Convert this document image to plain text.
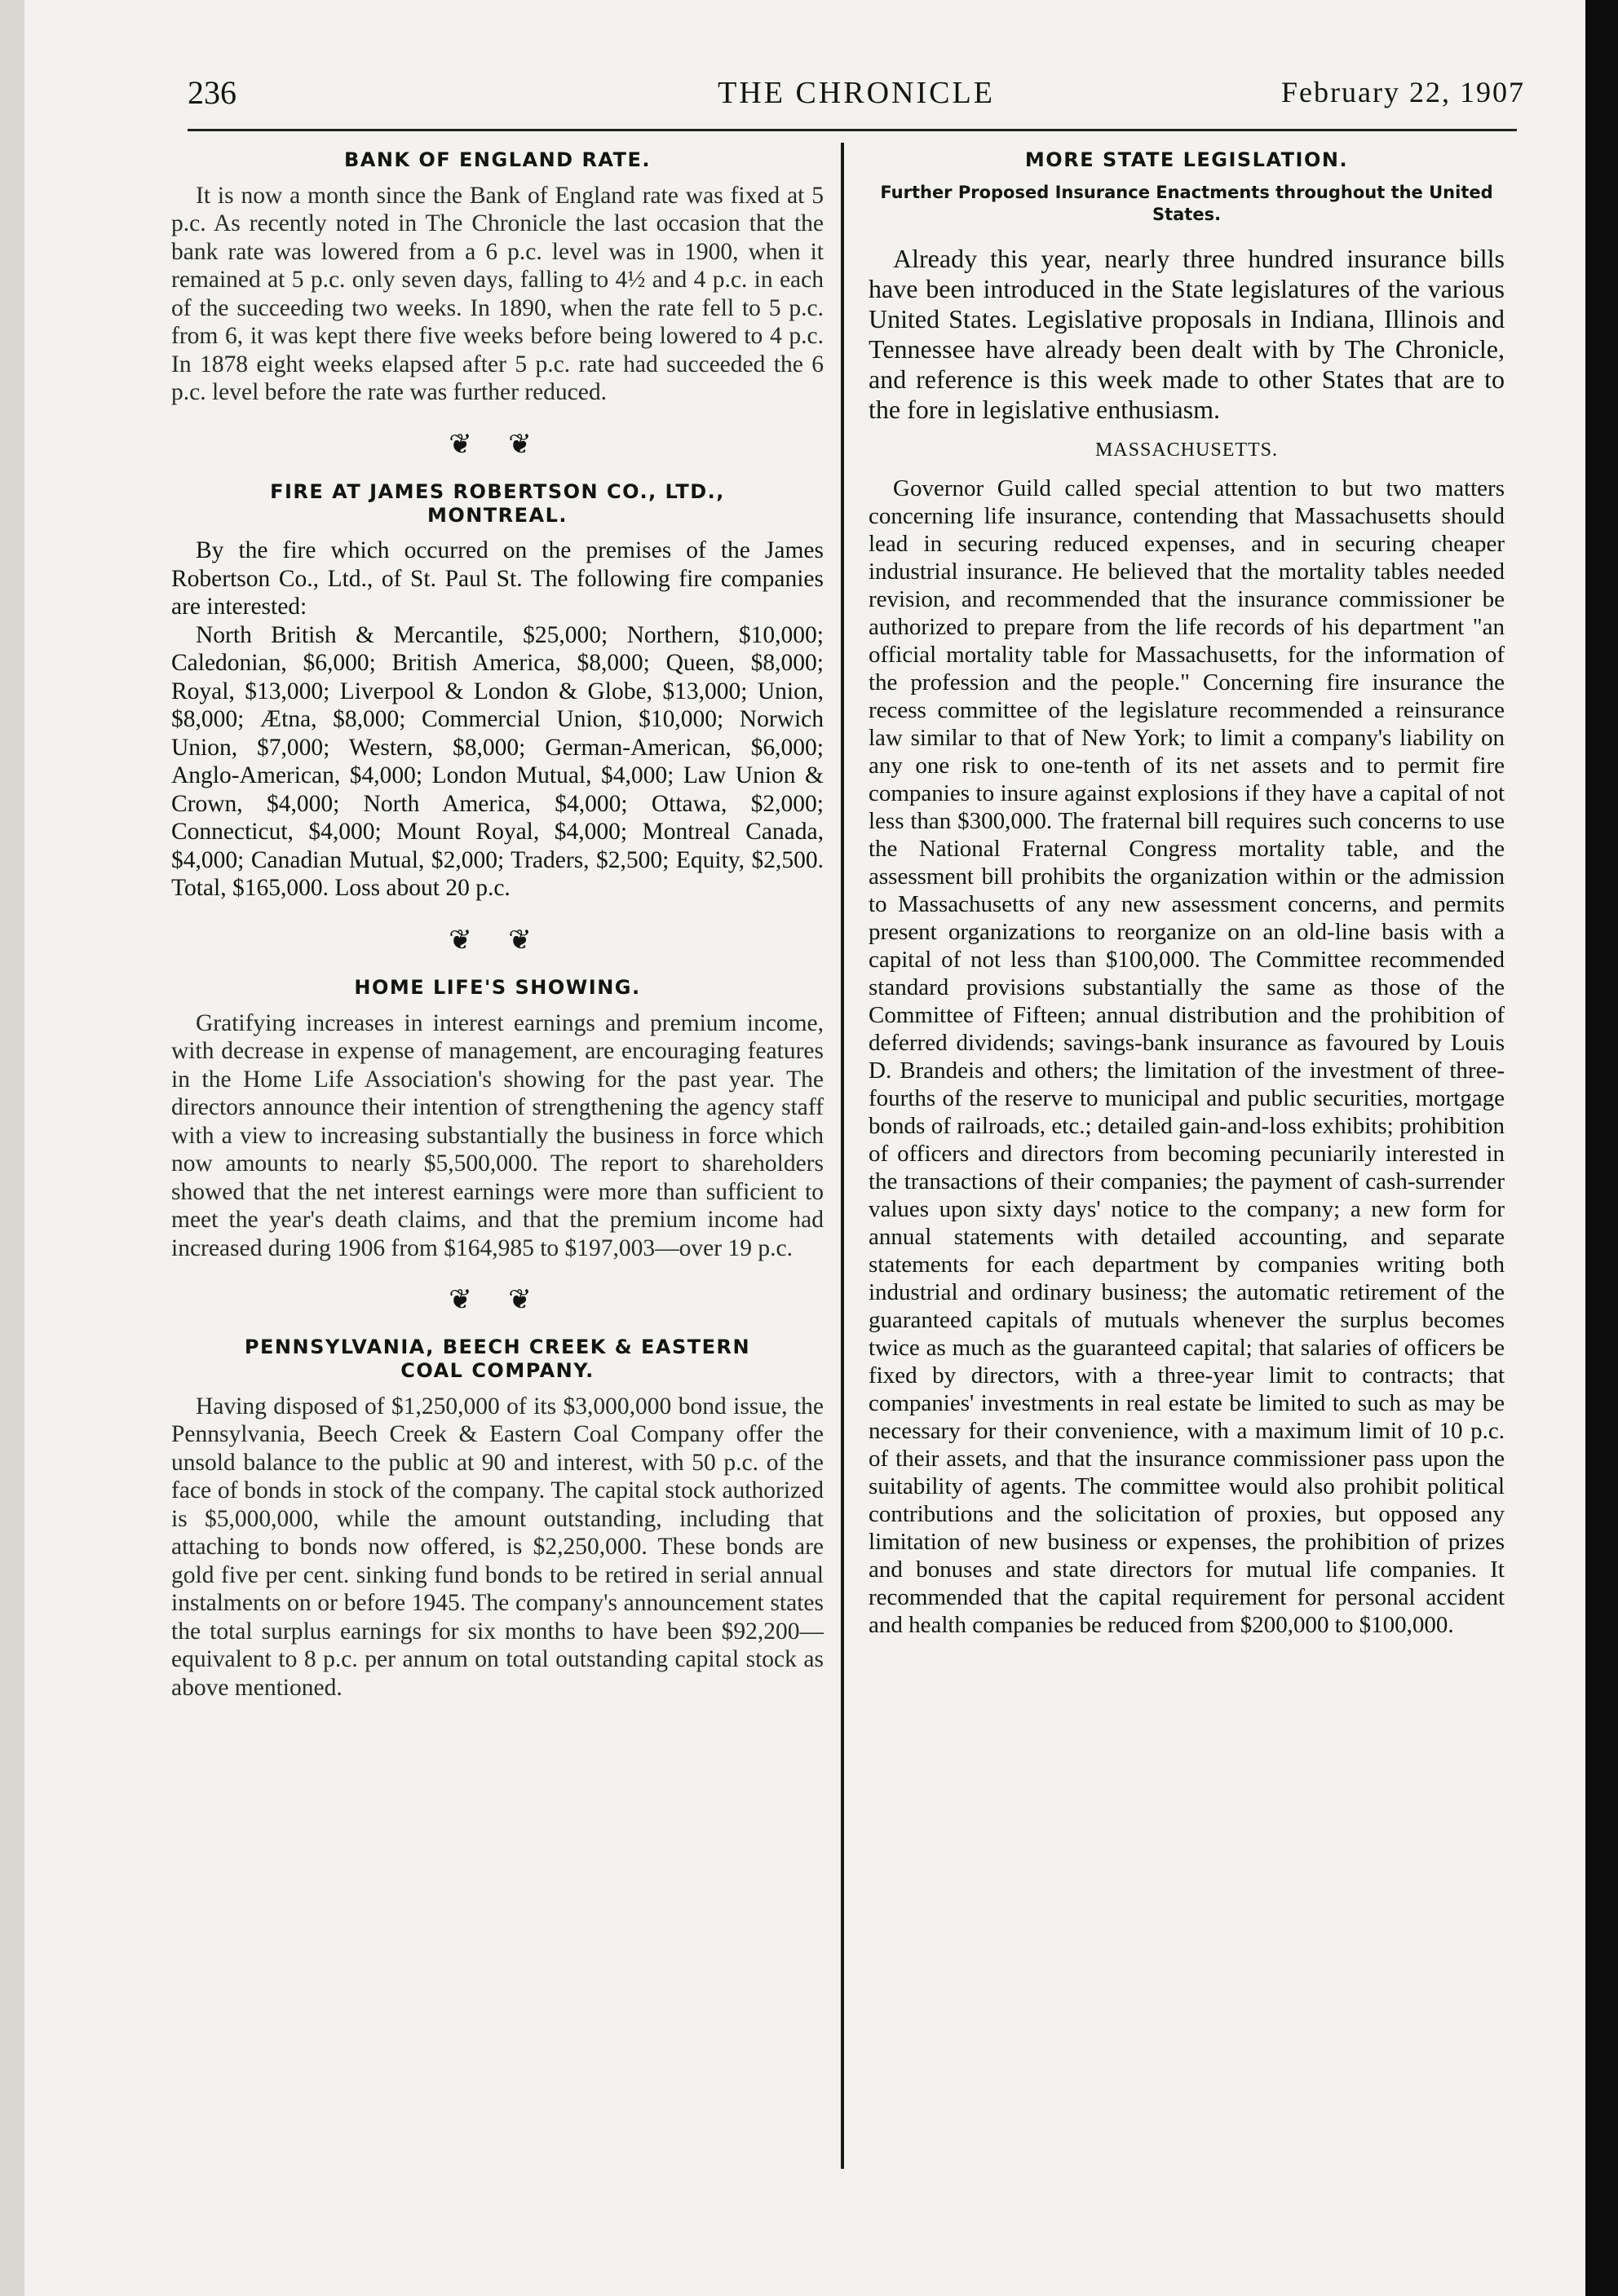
236	THE CHRONICLE	February 22, 1907
BANK OF ENGLAND RATE.

It is now a month since the Bank of England rate was fixed at 5 p.c. As recently noted in The Chronicle the last occasion that the bank rate was lowered from a 6 p.c. level was in 1900, when it remained at 5 p.c. only seven days, falling to 4½ and 4 p.c. in each of the succeeding two weeks. In 1890, when the rate fell to 5 p.c. from 6, it was kept there five weeks before being lowered to 4 p.c. In 1878 eight weeks elapsed after 5 p.c. rate had succeeded the 6 p.c. level before the rate was further reduced.

❦ ❦
FIRE AT JAMES ROBERTSON CO., LTD.,
MONTREAL.

By the fire which occurred on the premises of the James Robertson Co., Ltd., of St. Paul St. The following fire companies are interested:

North British & Mercantile, $25,000; Northern, $10,000; Caledonian, $6,000; British America, $8,000; Queen, $8,000; Royal, $13,000; Liverpool & London & Globe, $13,000; Union, $8,000; Ætna, $8,000; Commercial Union, $10,000; Norwich Union, $7,000; Western, $8,000; German-American, $6,000; Anglo-American, $4,000; London Mutual, $4,000; Law Union & Crown, $4,000; North America, $4,000; Ottawa, $2,000; Connecticut, $4,000; Mount Royal, $4,000; Montreal Canada, $4,000; Canadian Mutual, $2,000; Traders, $2,500; Equity, $2,500. Total, $165,000. Loss about 20 p.c.

❦ ❦
HOME LIFE'S SHOWING.

Gratifying increases in interest earnings and premium income, with decrease in expense of management, are encouraging features in the Home Life Association's showing for the past year. The directors announce their intention of strengthening the agency staff with a view to increasing substantially the business in force which now amounts to nearly $5,500,000. The report to shareholders showed that the net interest earnings were more than sufficient to meet the year's death claims, and that the premium income had increased during 1906 from $164,985 to $197,003—over 19 p.c.

❦ ❦
PENNSYLVANIA, BEECH CREEK & EASTERN
COAL COMPANY.

Having disposed of $1,250,000 of its $3,000,000 bond issue, the Pennsylvania, Beech Creek & Eastern Coal Company offer the unsold balance to the public at 90 and interest, with 50 p.c. of the face of bonds in stock of the company. The capital stock authorized is $5,000,000, while the amount outstanding, including that attaching to bonds now offered, is $2,250,000. These bonds are gold five per cent. sinking fund bonds to be retired in serial annual instalments on or before 1945. The company's announcement states the total surplus earnings for six months to have been $92,200—equivalent to 8 p.c. per annum on total outstanding capital stock as above mentioned.

MORE STATE LEGISLATION.
Further Proposed Insurance Enactments throughout the United States.

Already this year, nearly three hundred insurance bills have been introduced in the State legislatures of the various United States. Legislative proposals in Indiana, Illinois and Tennessee have already been dealt with by The Chronicle, and reference is this week made to other States that are to the fore in legislative enthusiasm.

MASSACHUSETTS.

Governor Guild called special attention to but two matters concerning life insurance, contending that Massachusetts should lead in securing reduced expenses, and in securing cheaper industrial insurance. He believed that the mortality tables needed revision, and recommended that the insurance commissioner be authorized to prepare from the life records of his department "an official mortality table for Massachusetts, for the information of the profession and the people." Concerning fire insurance the recess committee of the legislature recommended a reinsurance law similar to that of New York; to limit a company's liability on any one risk to one-tenth of its net assets and to permit fire companies to insure against explosions if they have a capital of not less than $300,000. The fraternal bill requires such concerns to use the National Fraternal Congress mortality table, and the assessment bill prohibits the organization within or the admission to Massachusetts of any new assessment concerns, and permits present organizations to reorganize on an old-line basis with a capital of not less than $100,000. The Committee recommended standard provisions substantially the same as those of the Committee of Fifteen; annual distribution and the prohibition of deferred dividends; savings-bank insurance as favoured by Louis D. Brandeis and others; the limitation of the investment of three-fourths of the reserve to municipal and public securities, mortgage bonds of railroads, etc.; detailed gain-and-loss exhibits; prohibition of officers and directors from becoming pecuniarily interested in the transactions of their companies; the payment of cash-surrender values upon sixty days' notice to the company; a new form for annual statements with detailed accounting, and separate statements for each department by companies writing both industrial and ordinary business; the automatic retirement of the guaranteed capitals of mutuals whenever the surplus becomes twice as much as the guaranteed capital; that salaries of officers be fixed by directors, with a three-year limit to contracts; that companies' investments in real estate be limited to such as may be necessary for their convenience, with a maximum limit of 10 p.c. of their assets, and that the insurance commissioner pass upon the suitability of agents. The committee would also prohibit political contributions and the solicitation of proxies, but opposed any limitation of new business or expenses, the prohibition of prizes and bonuses and state directors for mutual life companies. It recommended that the capital requirement for personal accident and health companies be reduced from $200,000 to $100,000.
